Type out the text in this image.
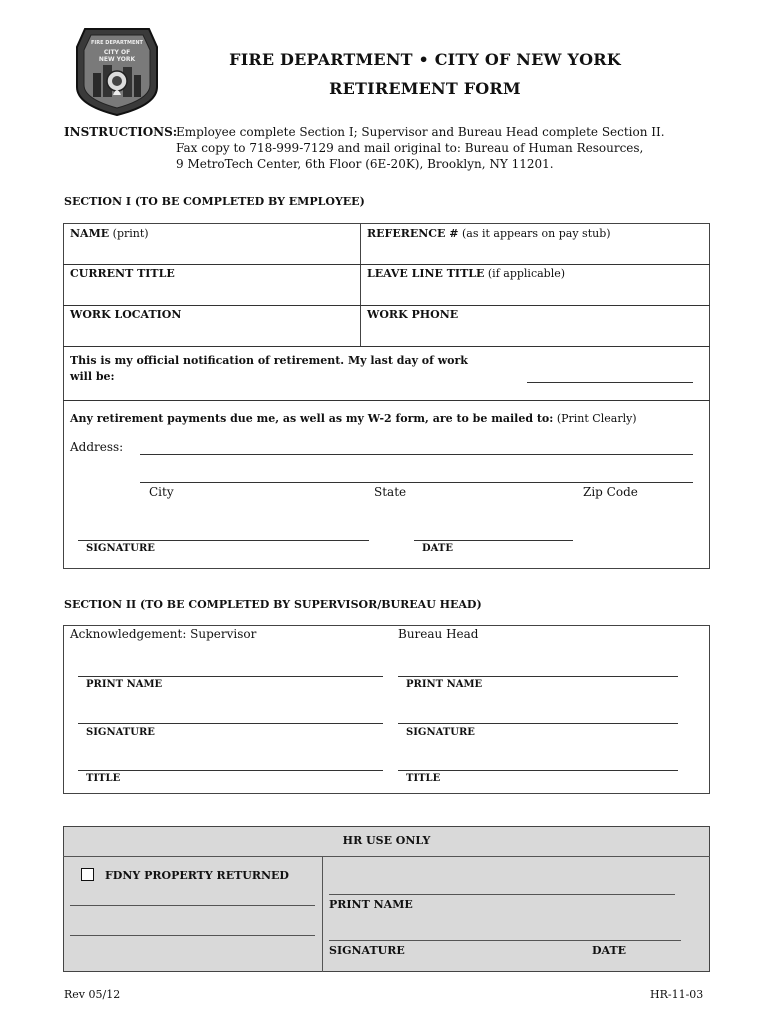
FIRE DEPARTMENT
CITY OF
NEW YORK	FIRE DEPARTMENT • CITY OF NEW YORK
RETIREMENT FORM
INSTRUCTIONS:
Employee complete Section I; Supervisor and Bureau Head complete Section II.
Fax copy to 718-999-7129 and mail original to: Bureau of Human Resources,
9 MetroTech Center, 6th Floor (6E-20K), Brooklyn, NY 11201.
SECTION I (TO BE COMPLETED BY EMPLOYEE)
NAME (print)	REFERENCE # (as it appears on pay stub)
CURRENT TITLE	LEAVE LINE TITLE (if applicable)
WORK LOCATION	WORK PHONE
This is my official notification of retirement. My last day of work
will be:
Any retirement payments due me, as well as my W-2 form, are to be mailed to: (Print Clearly)
Address:
City	State	Zip Code
SIGNATURE	DATE
SECTION II (TO BE COMPLETED BY SUPERVISOR/BUREAU HEAD)
Acknowledgement: Supervisor	Bureau Head
PRINT NAME	PRINT NAME
SIGNATURE	SIGNATURE
TITLE	TITLE
HR USE ONLY
FDNY PROPERTY RETURNED
PRINT NAME
SIGNATURE	DATE
Rev 05/12	HR-11-03
